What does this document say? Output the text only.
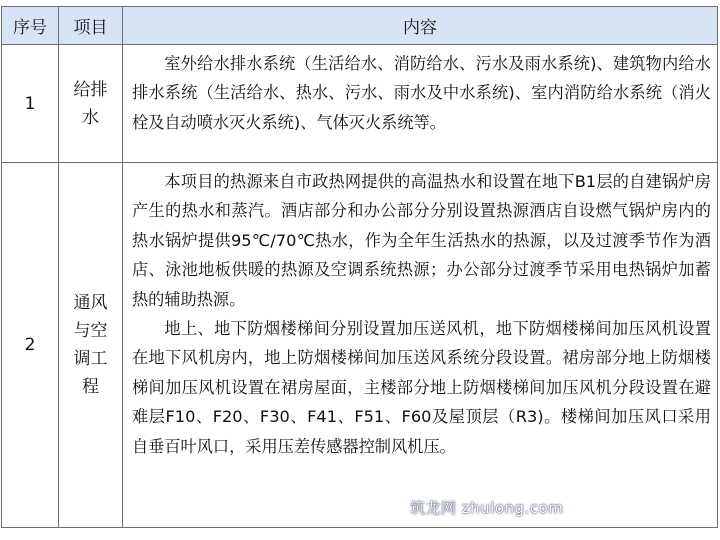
序号	项目	内容
1	给排水	室外给水排水系统（生活给水、消防给水、污水及雨水系统)、建筑物内给水排水系统（生活给水、热水、污水、雨水及中水系统)、室内消防给水系统（消火栓及自动喷水灭火系统)、气体灭火系统等。

2	通风与空调工程	本项目的热源来自市政热网提供的高温热水和设置在地下B1层的自建锅炉房产生的热水和蒸汽。酒店部分和办公部分分别设置热源酒店自设燃气锅炉房内的热水锅炉提供95℃/70℃热水，作为全年生活热水的热源，以及过渡季节作为酒店、泳池地板供暖的热源及空调系统热源；办公部分过渡季节采用电热锅炉加蓄热的辅助热源。

地上、地下防烟楼梯间分别设置加压送风机，地下防烟楼梯间加压风机设置在地下风机房内，地上防烟楼梯间加压送风系统分段设置。裙房部分地上防烟楼梯间加压风机设置在裙房屋面，主楼部分地上防烟楼梯间加压风机分段设置在避难层F10、F20、F30、F41、F51、F60及屋顶层（R3)。楼梯间加压风口采用自垂百叶风口，采用压差传感器控制风机压。

筑龙网 zhulong.com
